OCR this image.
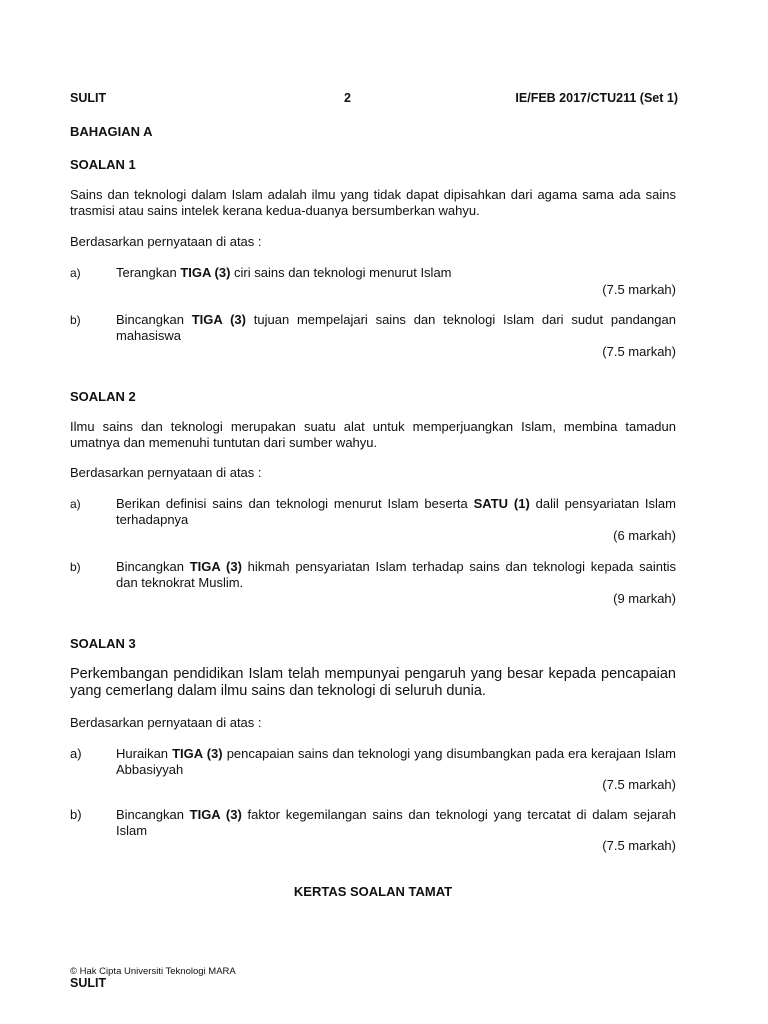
SULIT	2	IE/FEB 2017/CTU211 (Set 1)
BAHAGIAN A
SOALAN 1
Sains dan teknologi dalam Islam adalah ilmu yang tidak dapat dipisahkan dari agama sama ada sains trasmisi atau sains intelek kerana kedua-duanya bersumberkan wahyu.
Berdasarkan pernyataan di atas :
a)	Terangkan TIGA (3) ciri sains dan teknologi menurut Islam
(7.5 markah)
b)	Bincangkan TIGA (3) tujuan mempelajari sains dan teknologi Islam dari sudut pandangan mahasiswa
(7.5 markah)
SOALAN 2
Ilmu sains dan teknologi merupakan suatu alat untuk memperjuangkan Islam, membina tamadun umatnya dan memenuhi tuntutan dari sumber wahyu.
Berdasarkan pernyataan di atas :
a)	Berikan definisi sains dan teknologi menurut Islam beserta SATU (1) dalil pensyariatan Islam terhadapnya
(6 markah)
b)	Bincangkan TIGA (3) hikmah pensyariatan Islam terhadap sains dan teknologi kepada saintis dan teknokrat Muslim.
(9 markah)
SOALAN 3
Perkembangan pendidikan Islam telah mempunyai pengaruh yang besar kepada pencapaian yang cemerlang dalam ilmu sains dan teknologi di seluruh dunia.
Berdasarkan pernyataan di atas :
a)	Huraikan TIGA (3) pencapaian sains dan teknologi yang disumbangkan pada era kerajaan Islam Abbasiyyah
(7.5 markah)
b)	Bincangkan TIGA (3) faktor kegemilangan sains dan teknologi yang tercatat di dalam sejarah Islam
(7.5 markah)
KERTAS SOALAN TAMAT
© Hak Cipta Universiti Teknologi MARA
SULIT
